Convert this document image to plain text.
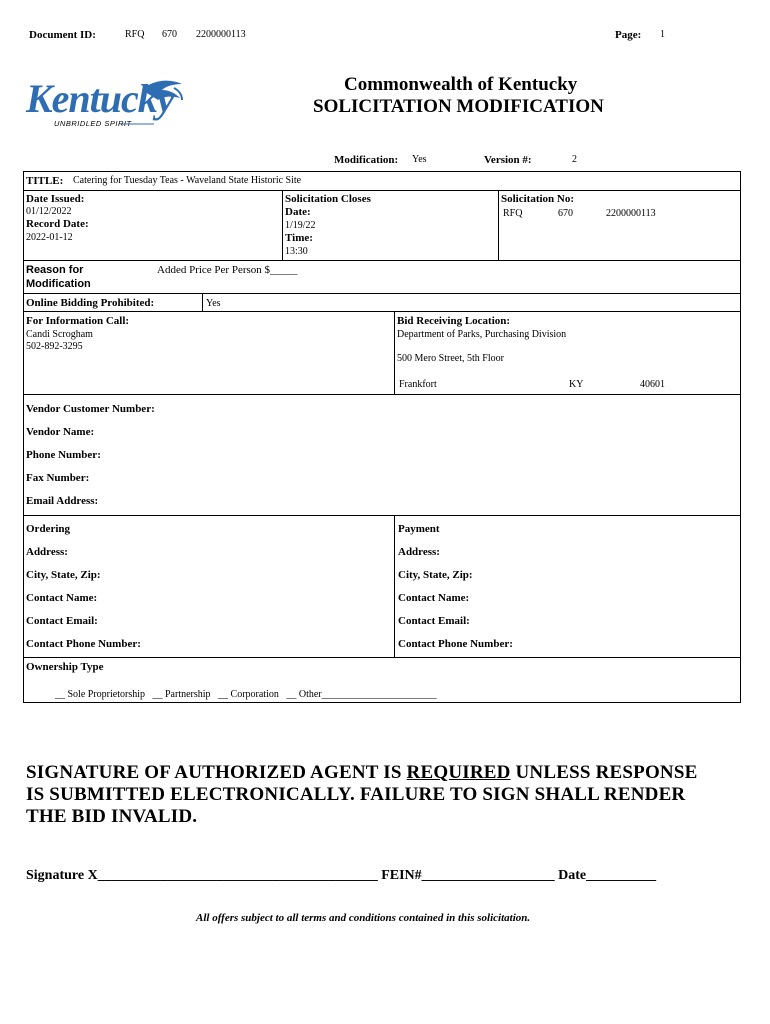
Document ID:	RFQ 670 2200000113	Page: 1
Kentucky
UNBRIDLED SPIRIT
Commonwealth of Kentucky
SOLICITATION MODIFICATION
Modification: Yes	Version #:	2
TITLE: Catering for Tuesday Teas - Waveland State Historic Site
Date Issued:
01/12/2022
Record Date:
2022-01-12
Solicitation Closes
Date:
1/19/22
Time:
13:30
Solicitation No:
RFQ	670	2200000113
Reason for
Modification
Added Price Per Person $_____
Online Bidding Prohibited:	Yes
For Information Call:
Candi Scrogham
502-892-3295
Bid Receiving Location:
Department of Parks, Purchasing Division
500 Mero Street, 5th Floor
Frankfort	KY	40601
Vendor Customer Number:
Vendor Name:
Phone Number:
Fax Number:
Email Address:
Ordering
Address:
City, State, Zip:
Contact Name:
Contact Email:
Contact Phone Number:
Payment
Address:
City, State, Zip:
Contact Name:
Contact Email:
Contact Phone Number:
Ownership Type
__ Sole Proprietorship   __ Partnership   __ Corporation   __ Other_______________________
SIGNATURE OF AUTHORIZED AGENT IS REQUIRED UNLESS RESPONSE
IS SUBMITTED ELECTRONICALLY. FAILURE TO SIGN SHALL RENDER
THE BID INVALID.
Signature X________________________________________ FEIN#___________________ Date__________
All offers subject to all terms and conditions contained in this solicitation.
